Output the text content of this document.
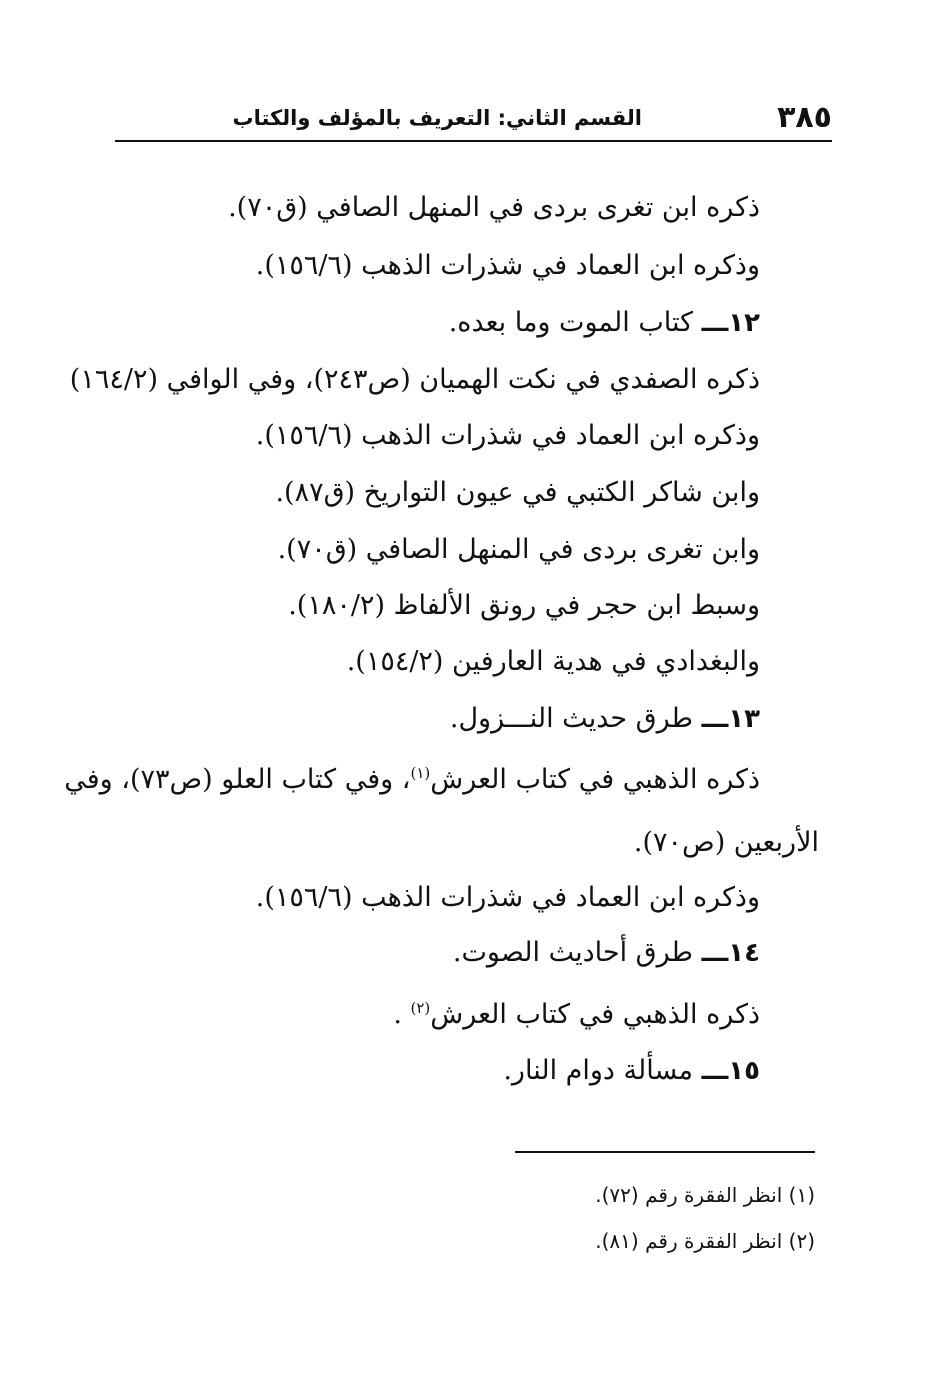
٣٨٥
القسم الثاني: التعريف بالمؤلف والكتاب
ذكره ابن تغرى بردى في المنهل الصافي (ق٧٠).
وذكره ابن العماد في شذرات الذهب (١٥٦/٦).
١٢ـــ كتاب الموت وما بعده.
ذكره الصفدي في نكت الهميان (ص٢٤٣)، وفي الوافي (١٦٤/٢)
وذكره ابن العماد في شذرات الذهب (١٥٦/٦).
وابن شاكر الكتبي في عيون التواريخ (ق٨٧).
وابن تغرى بردى في المنهل الصافي (ق٧٠).
وسبط ابن حجر في رونق الألفاظ (١٨٠/٢).
والبغدادي في هدية العارفين (١٥٤/٢).
١٣ـــ طرق حديث النـــزول.
ذكره الذهبي في كتاب العرش$^{(١)}$، وفي كتاب العلو (ص٧٣)، وفي
الأربعين (ص٧٠).
وذكره ابن العماد في شذرات الذهب (١٥٦/٦).
١٤ـــ طرق أحاديث الصوت.
ذكره الذهبي في كتاب العرش$^{(٢)}$ .
١٥ـــ مسألة دوام النار.
(١) انظر الفقرة رقم (٧٢).
(٢) انظر الفقرة رقم (٨١).
